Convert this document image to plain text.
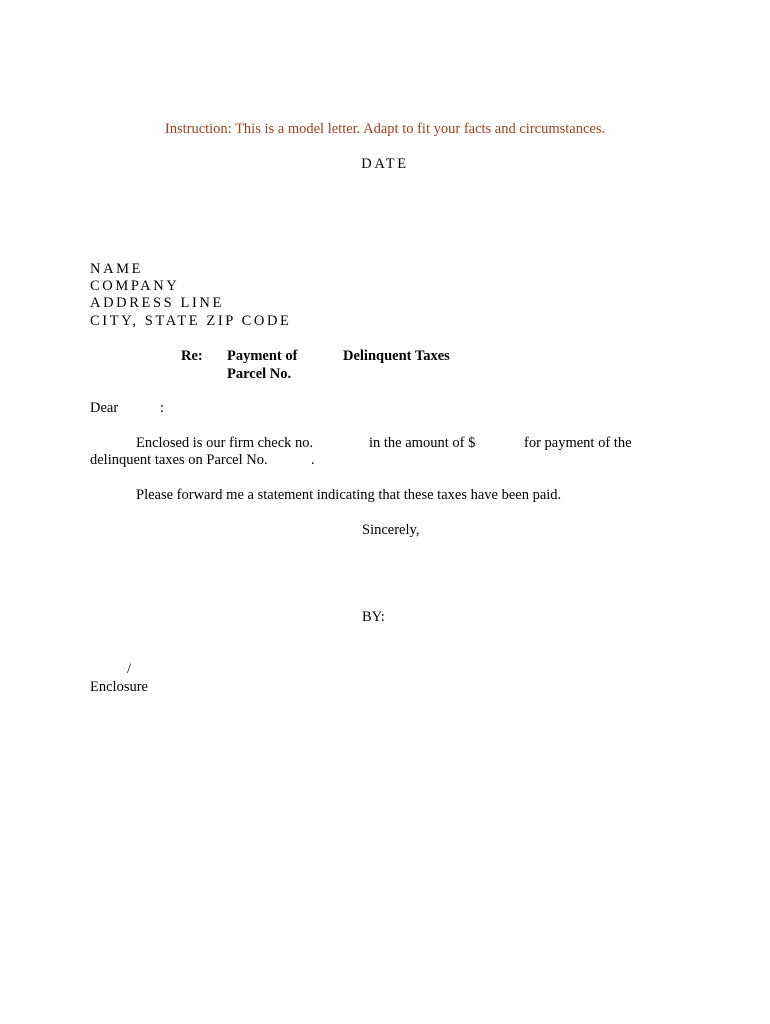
Instruction: This is a model letter. Adapt to fit your facts and circumstances.
DATE
NAME
COMPANY
ADDRESS LINE
CITY, STATE ZIP CODE
Re: Payment of	Delinquent Taxes
Parcel No.
Dear	:
Enclosed is our firm check no.	in the amount of $	for payment of the
delinquent taxes on Parcel No.	.
Please forward me a statement indicating that these taxes have been paid.
Sincerely,
BY:
/
Enclosure
